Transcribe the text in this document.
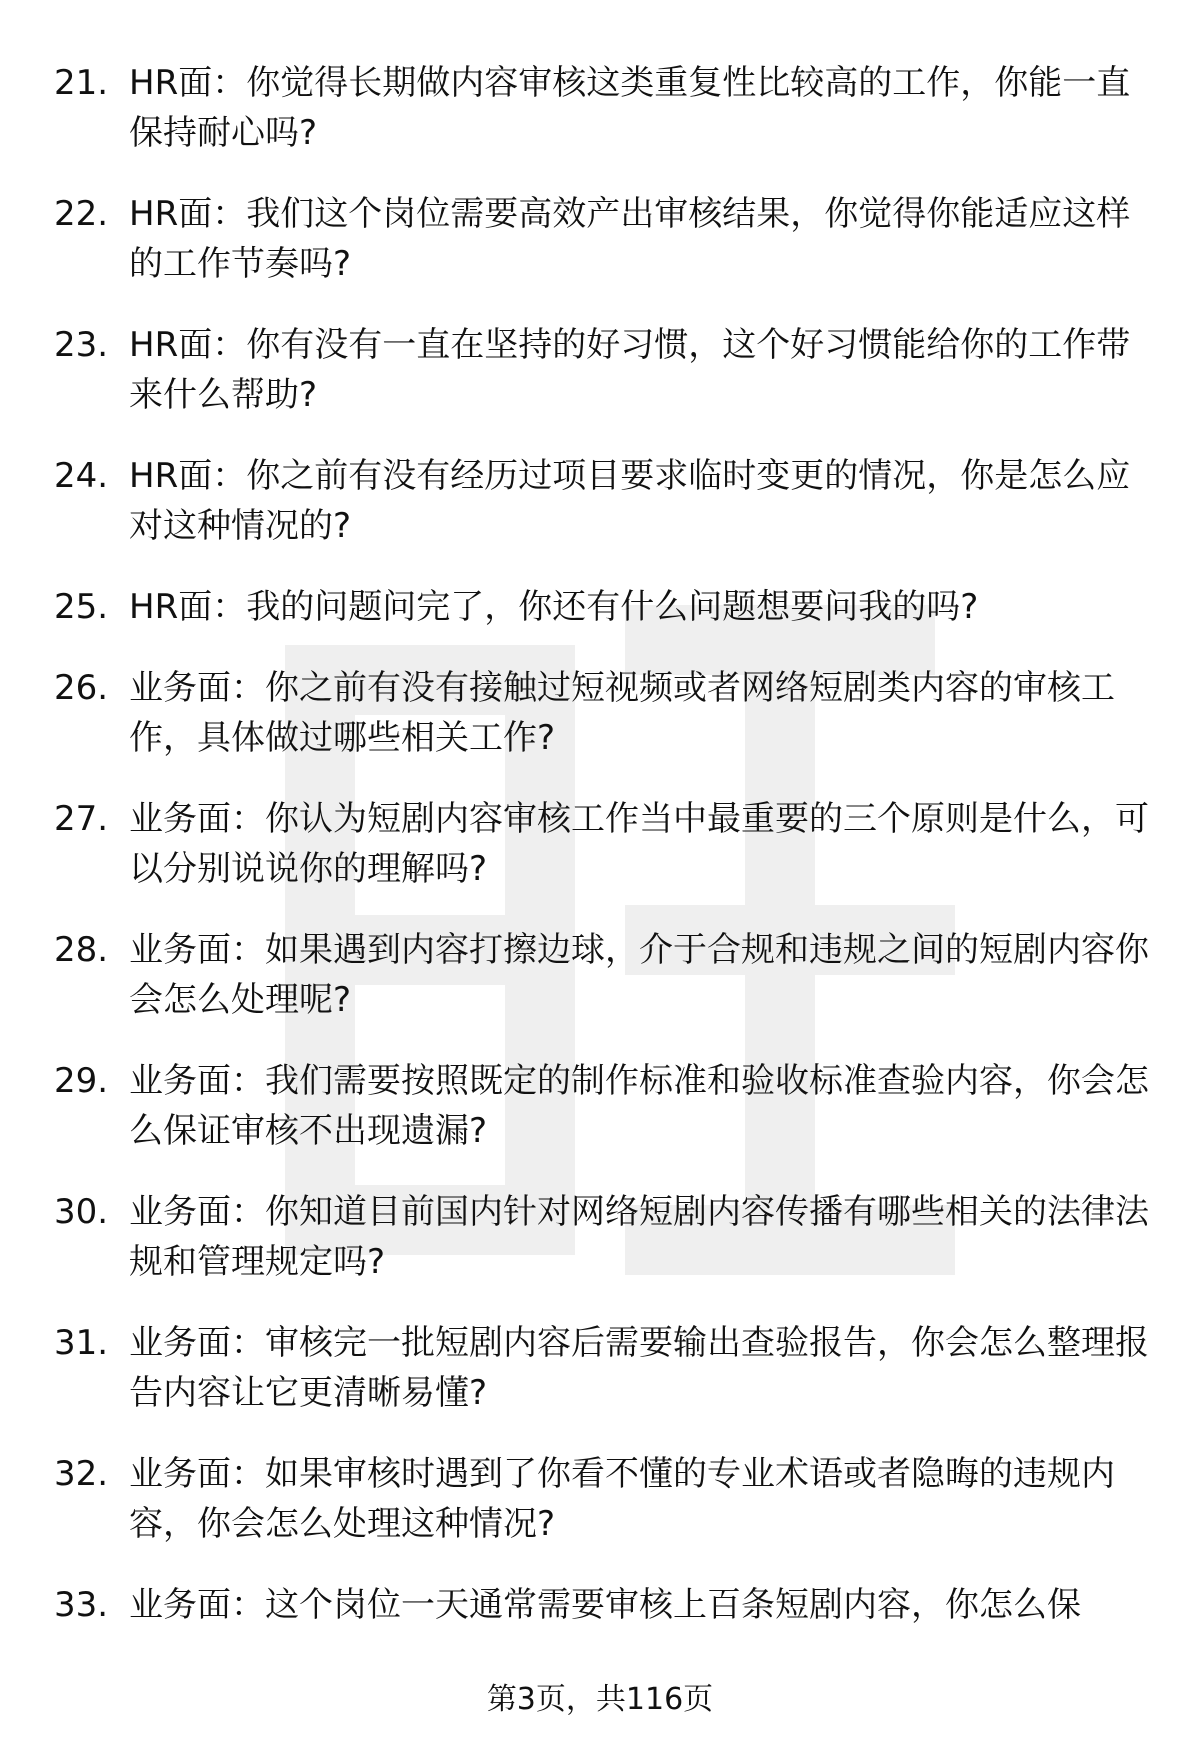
21. HR面：你觉得长期做内容审核这类重复性比较高的工作，你能一直保持耐心吗?
22. HR面：我们这个岗位需要高效产出审核结果，你觉得你能适应这样的工作节奏吗?
23. HR面：你有没有一直在坚持的好习惯，这个好习惯能给你的工作带来什么帮助?
24. HR面：你之前有没有经历过项目要求临时变更的情况，你是怎么应对这种情况的?
25. HR面：我的问题问完了，你还有什么问题想要问我的吗?
26. 业务面：你之前有没有接触过短视频或者网络短剧类内容的审核工作，具体做过哪些相关工作?
27. 业务面：你认为短剧内容审核工作当中最重要的三个原则是什么，可以分别说说你的理解吗?
28. 业务面：如果遇到内容打擦边球，介于合规和违规之间的短剧内容你会怎么处理呢?
29. 业务面：我们需要按照既定的制作标准和验收标准查验内容，你会怎么保证审核不出现遗漏?
30. 业务面：你知道目前国内针对网络短剧内容传播有哪些相关的法律法规和管理规定吗?
31. 业务面：审核完一批短剧内容后需要输出查验报告，你会怎么整理报告内容让它更清晰易懂?
32. 业务面：如果审核时遇到了你看不懂的专业术语或者隐晦的违规内容，你会怎么处理这种情况?
33. 业务面：这个岗位一天通常需要审核上百条短剧内容，你怎么保
第3页，共116页
